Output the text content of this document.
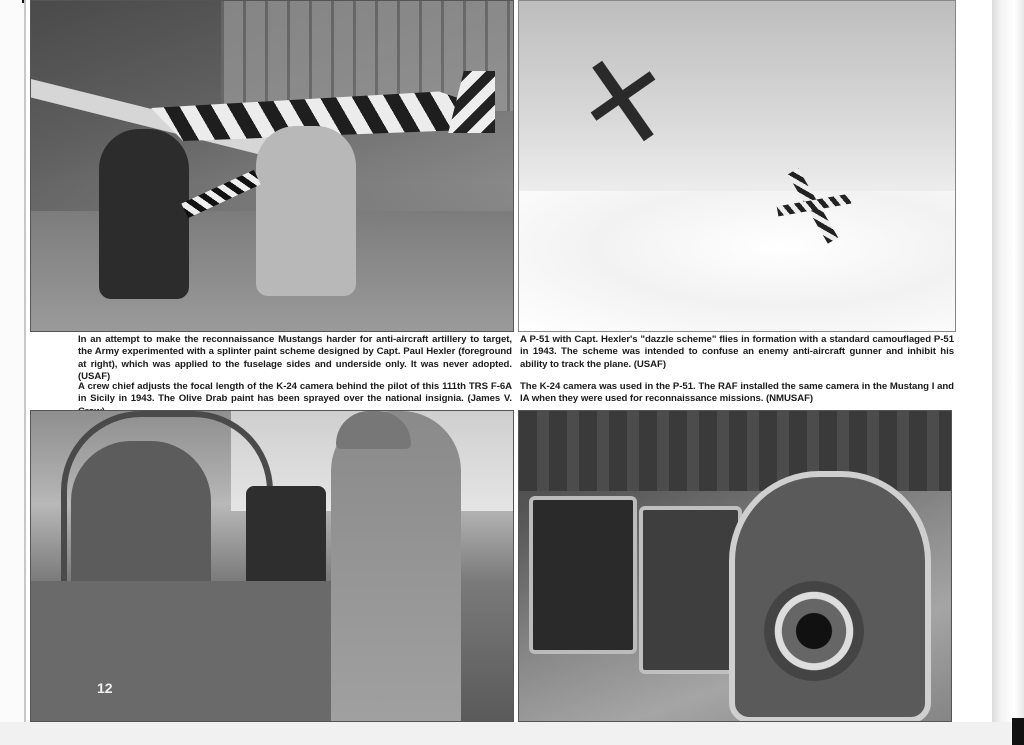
In an attempt to make the reconnaissance Mustangs harder for anti-aircraft artillery to target, the Army experimented with a splinter paint scheme designed by Capt. Paul Hexler (foreground at right), which was applied to the fuselage sides and underside only. It was never adopted. (USAF)
A P-51 with Capt. Hexler's "dazzle scheme" flies in formation with a standard camouflaged P-51 in 1943. The scheme was intended to confuse an enemy anti-aircraft gunner and inhibit his ability to track the plane. (USAF)
A crew chief adjusts the focal length of the K-24 camera behind the pilot of this 111th TRS F-6A in Sicily in 1943. The Olive Drab paint has been sprayed over the national insignia. (James V.
The K-24 camera was used in the P-51. The RAF installed the same camera in the Mustang I and IA when they were used for reconnaissance missions. (NMUSAF)
12
